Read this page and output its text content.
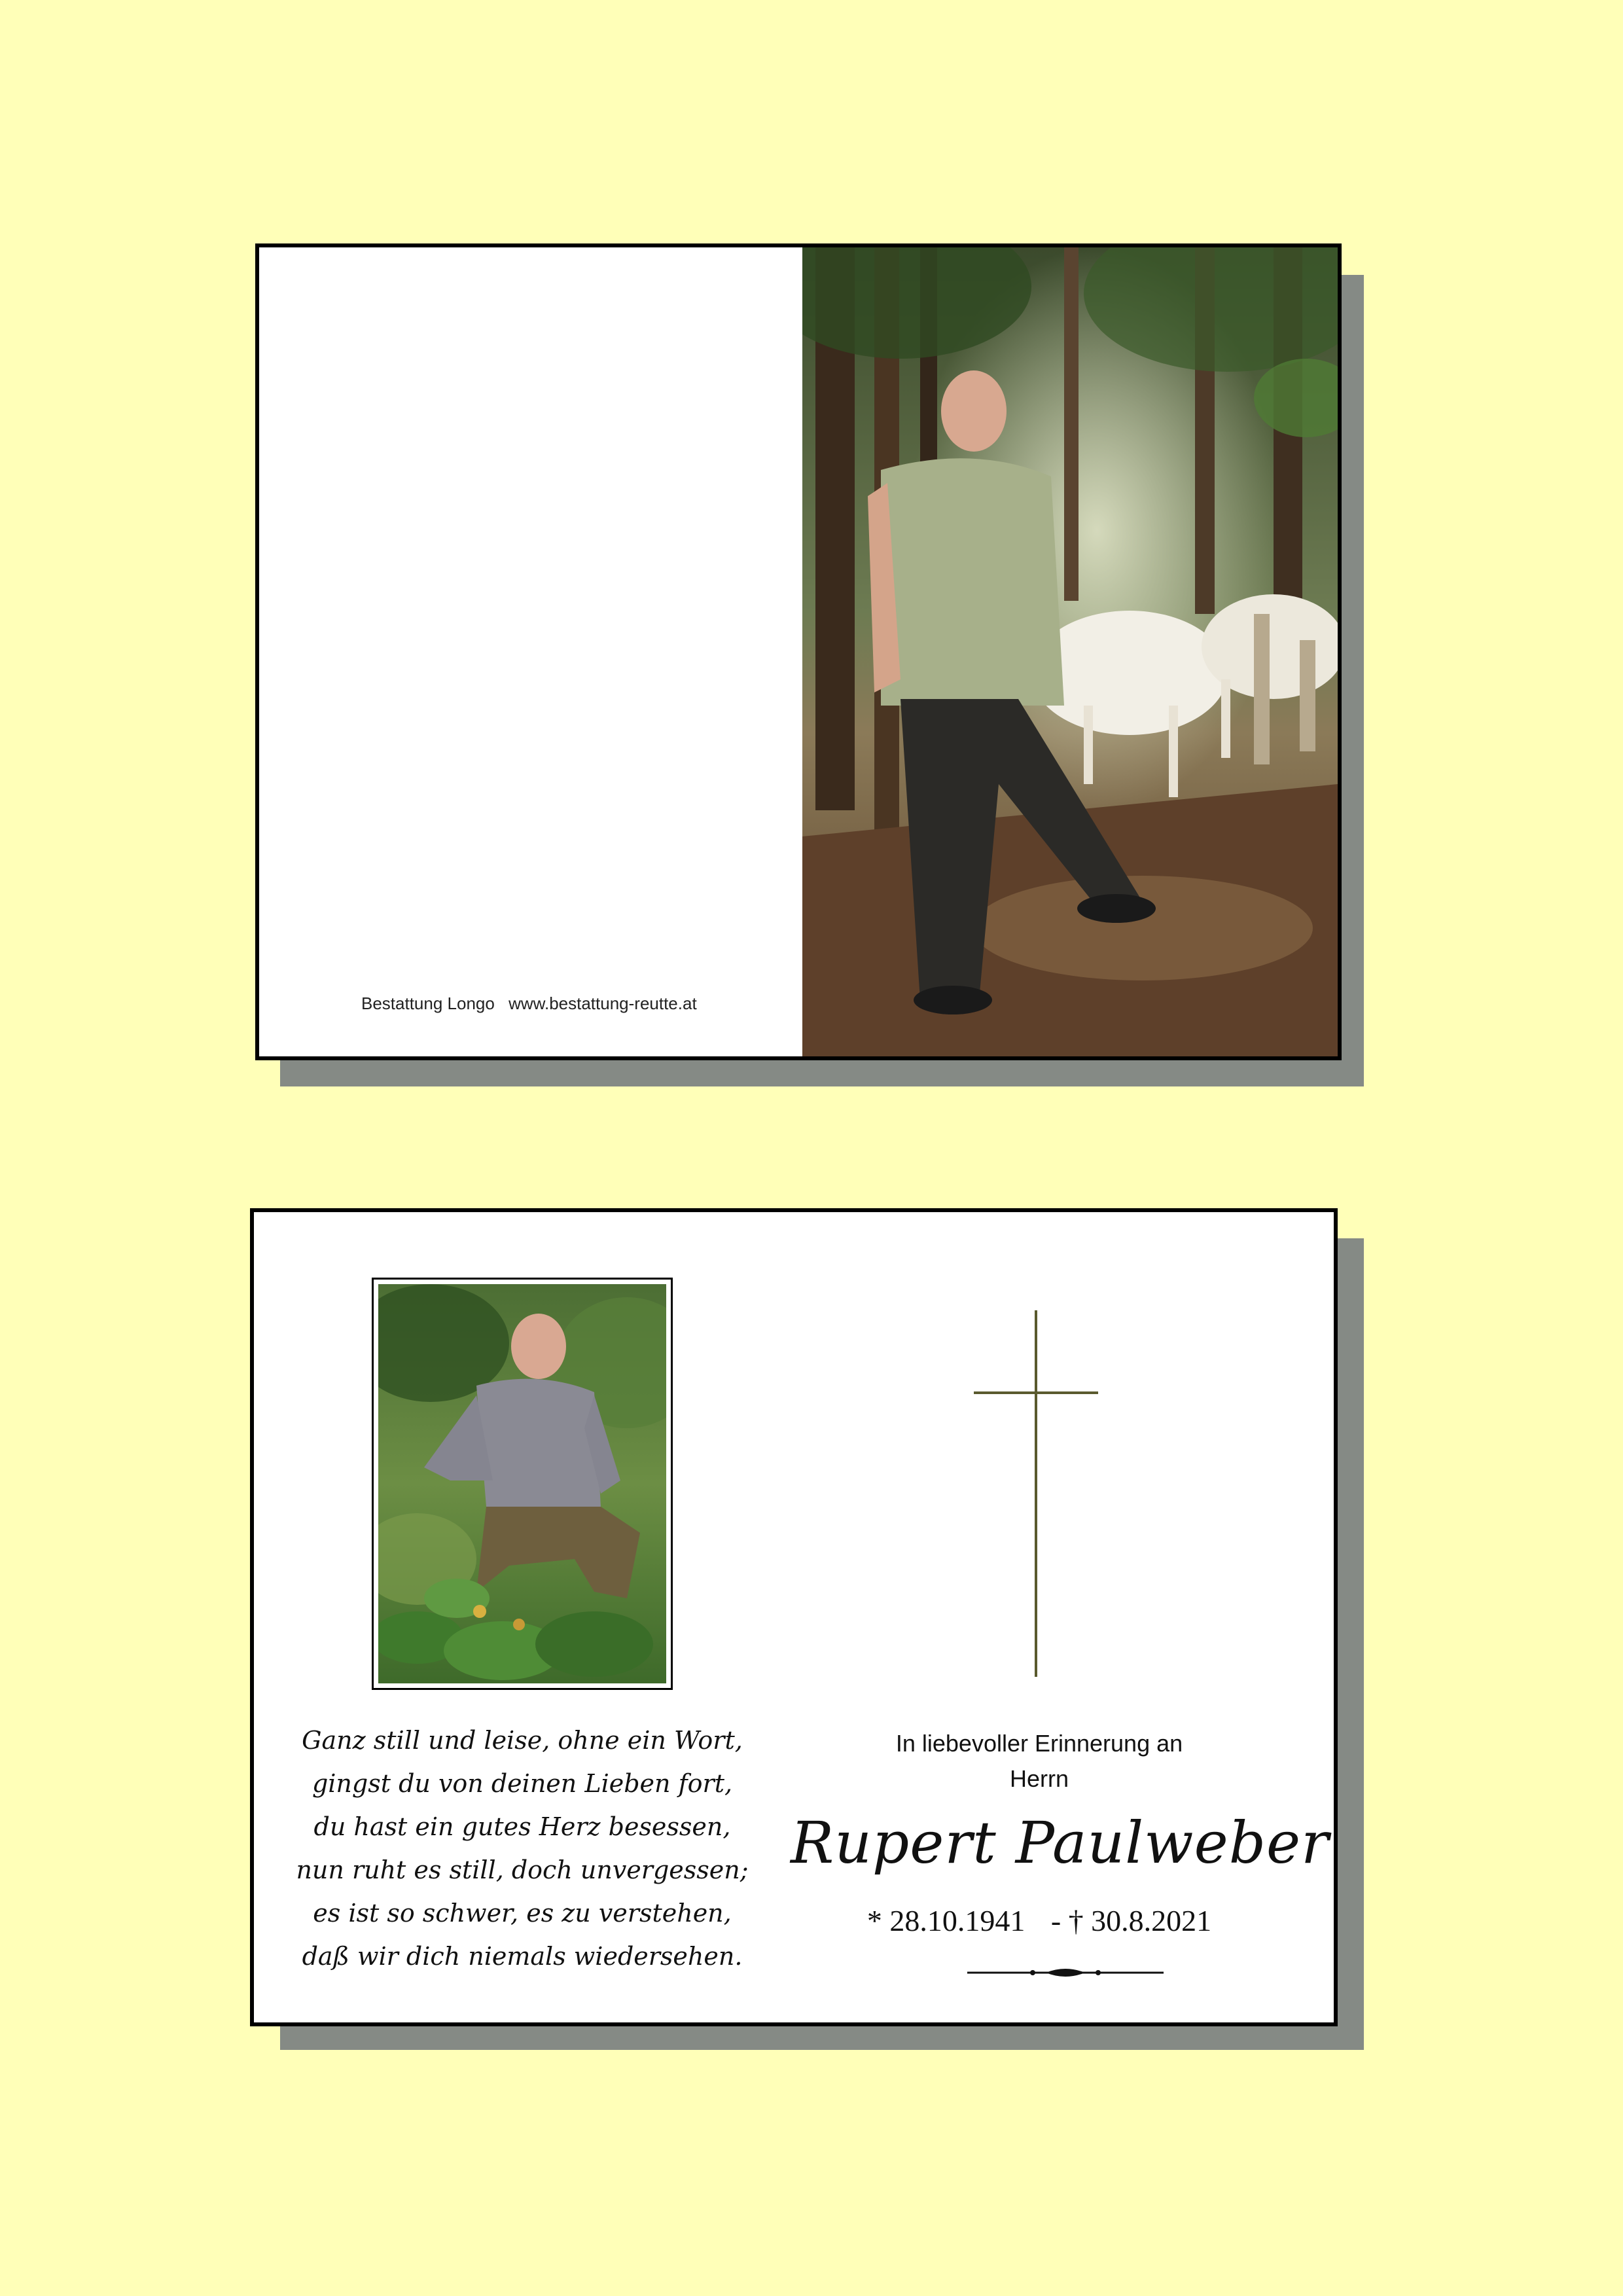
Bestattung Longo www.bestattung-reutte.at
Ganz still und leise, ohne ein Wort,
gingst du von deinen Lieben fort,
du hast ein gutes Herz besessen,
nun ruht es still, doch unvergessen;
es ist so schwer, es zu verstehen,
daß wir dich niemals wiedersehen.
In liebevoller Erinnerung an
Herrn
Rupert Paulweber
* 28.10.1941 - † 30.8.2021
